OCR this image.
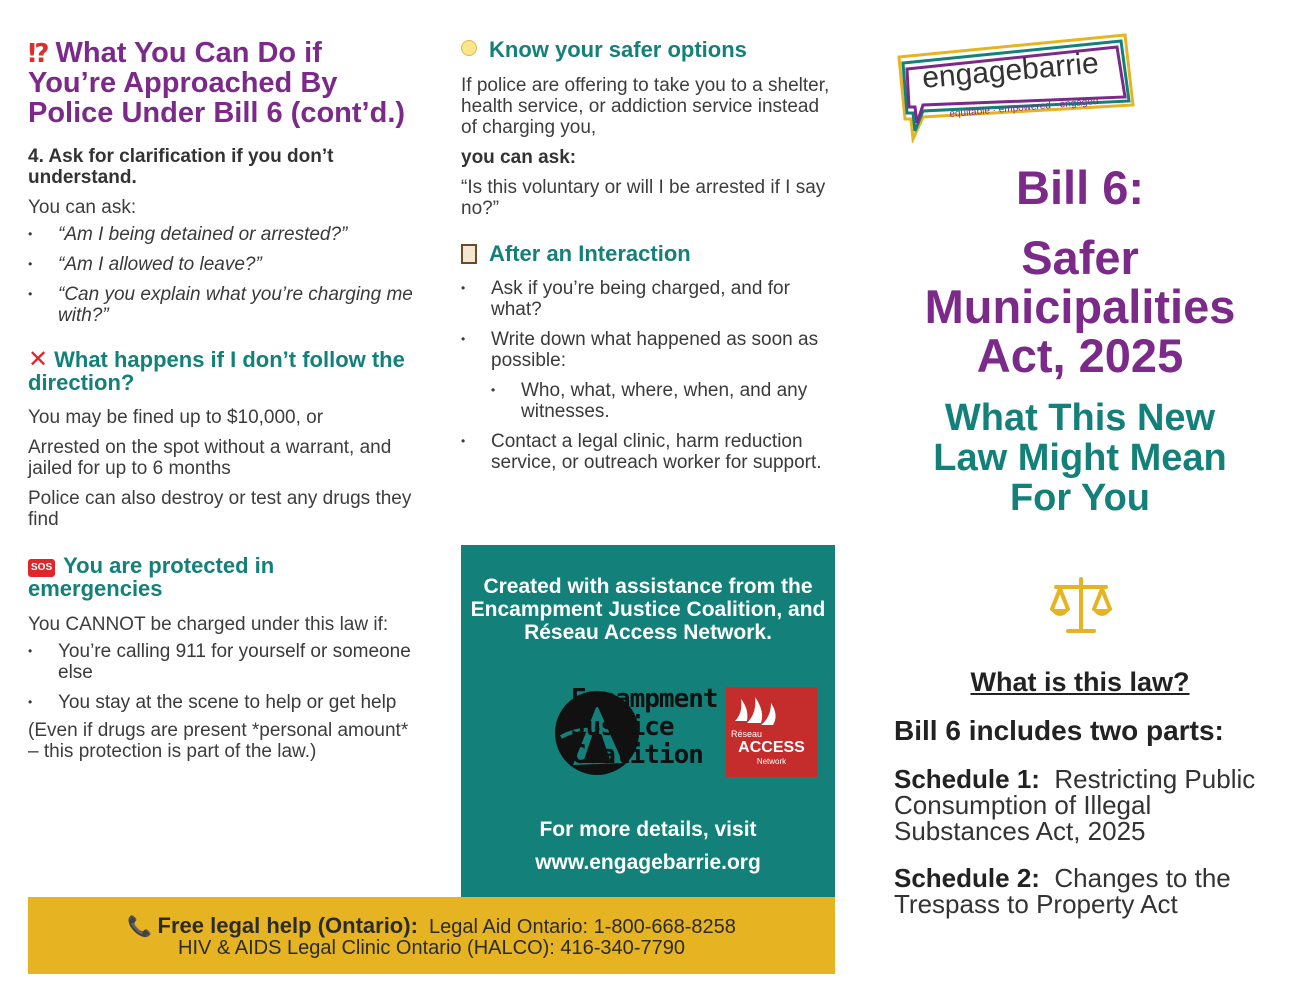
⁉ What You Can Do if You’re Approached By Police Under Bill 6 (cont’d.)
4. Ask for clarification if you don’t understand.

You can ask:

• “Am I being detained or arrested?”
• “Am I allowed to leave?”
• “Can you explain what you’re charging me with?”
✕ What happens if I don’t follow the direction?

You may be fined up to $10,000, or

Arrested on the spot without a warrant, and jailed for up to 6 months

Police can also destroy or test any drugs they find

SOS You are protected in emergencies

You CANNOT be charged under this law if:

• You’re calling 911 for yourself or someone else
• You stay at the scene to help or get help

(Even if drugs are present *personal amount* – this protection is part of the law.)

Know your safer options

If police are offering to take you to a shelter, health service, or addiction service instead of charging you,

you can ask:

“Is this voluntary or will I be arrested if I say no?”

After an Interaction
• Ask if you’re being charged, and for what?
• Write down what happened as soon as possible:
• Who, what, where, when, and any witnesses.
• Contact a legal clinic, harm reduction service, or outreach worker for support.
Created with assistance from the Encampment Justice Coalition, and Réseau Access Network.
Encampment
Justice
Coalition
Réseau
ACCESS
Network
For more details, visit
www.engagebarrie.org
📞 Free legal help (Ontario): Legal Aid Ontario: 1-800-668-8258
HIV & AIDS Legal Clinic Ontario (HALCO): 416-340-7790
engagebarrie
equitable · empowered · engaged
Bill 6:
Safer
Municipalities
Act, 2025
What This New
Law Might Mean
For You
What is this law?
Bill 6 includes two parts:
Schedule 1: Restricting Public Consumption of Illegal Substances Act, 2025
Schedule 2: Changes to the Trespass to Property Act
